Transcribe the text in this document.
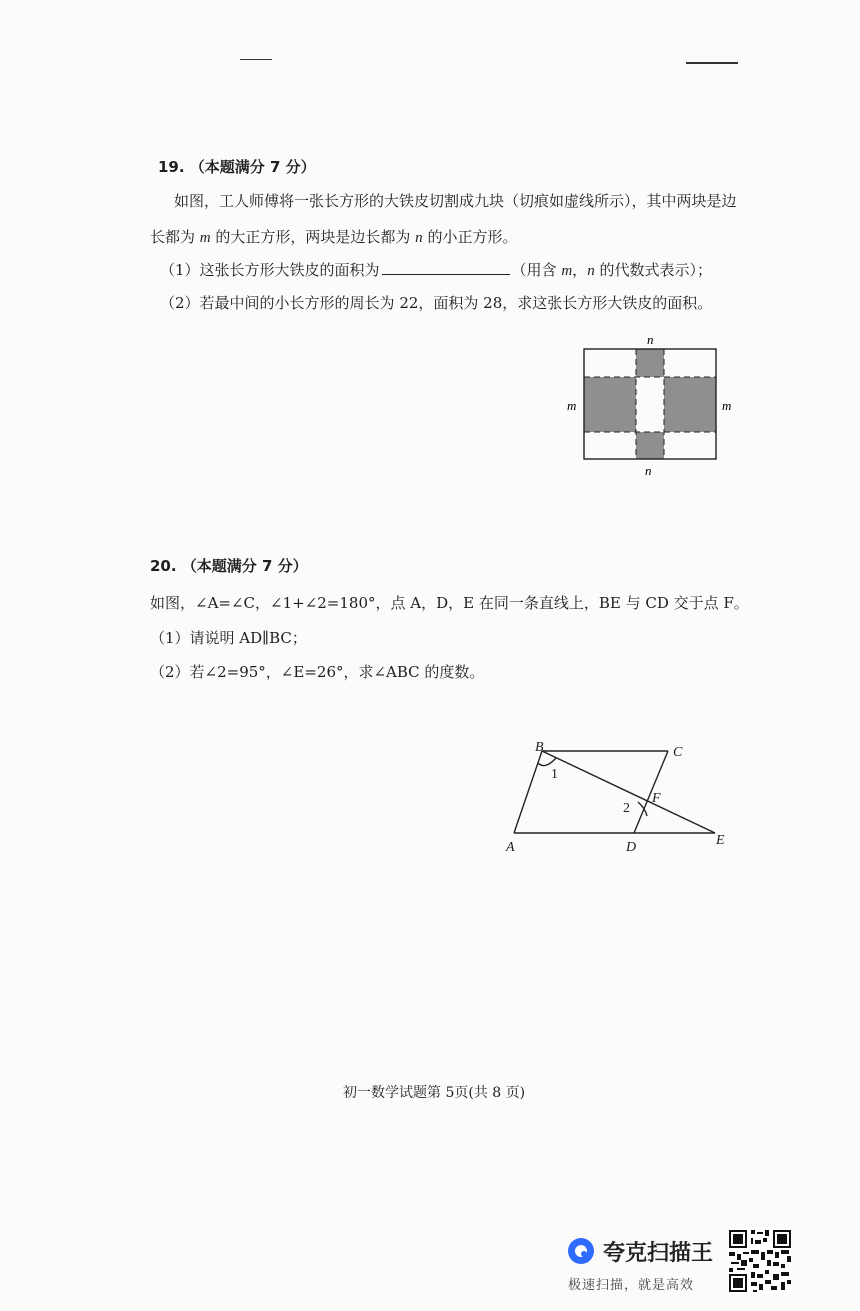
19. （本题满分 7 分）
如图，工人师傅将一张长方形的大铁皮切割成九块（切痕如虚线所示），其中两块是边
长都为 m 的大正方形，两块是边长都为 n 的小正方形。
（1）这张长方形大铁皮的面积为	（用含 m，n 的代数式表示）；
（2）若最中间的小长方形的周长为 22，面积为 28，求这张长方形大铁皮的面积。
n
n
m	m
20. （本题满分 7 分）
如图，∠A=∠C，∠1+∠2=180°，点 A，D，E 在同一条直线上，BE 与 CD 交于点 F。
（1）请说明 AD∥BC；
（2）若∠2=95°，∠E=26°，求∠ABC 的度数。
B	C
A	D	E
F
1
2
初一数学试题第 5页(共 8 页)
夸克扫描王
极速扫描，就是高效
